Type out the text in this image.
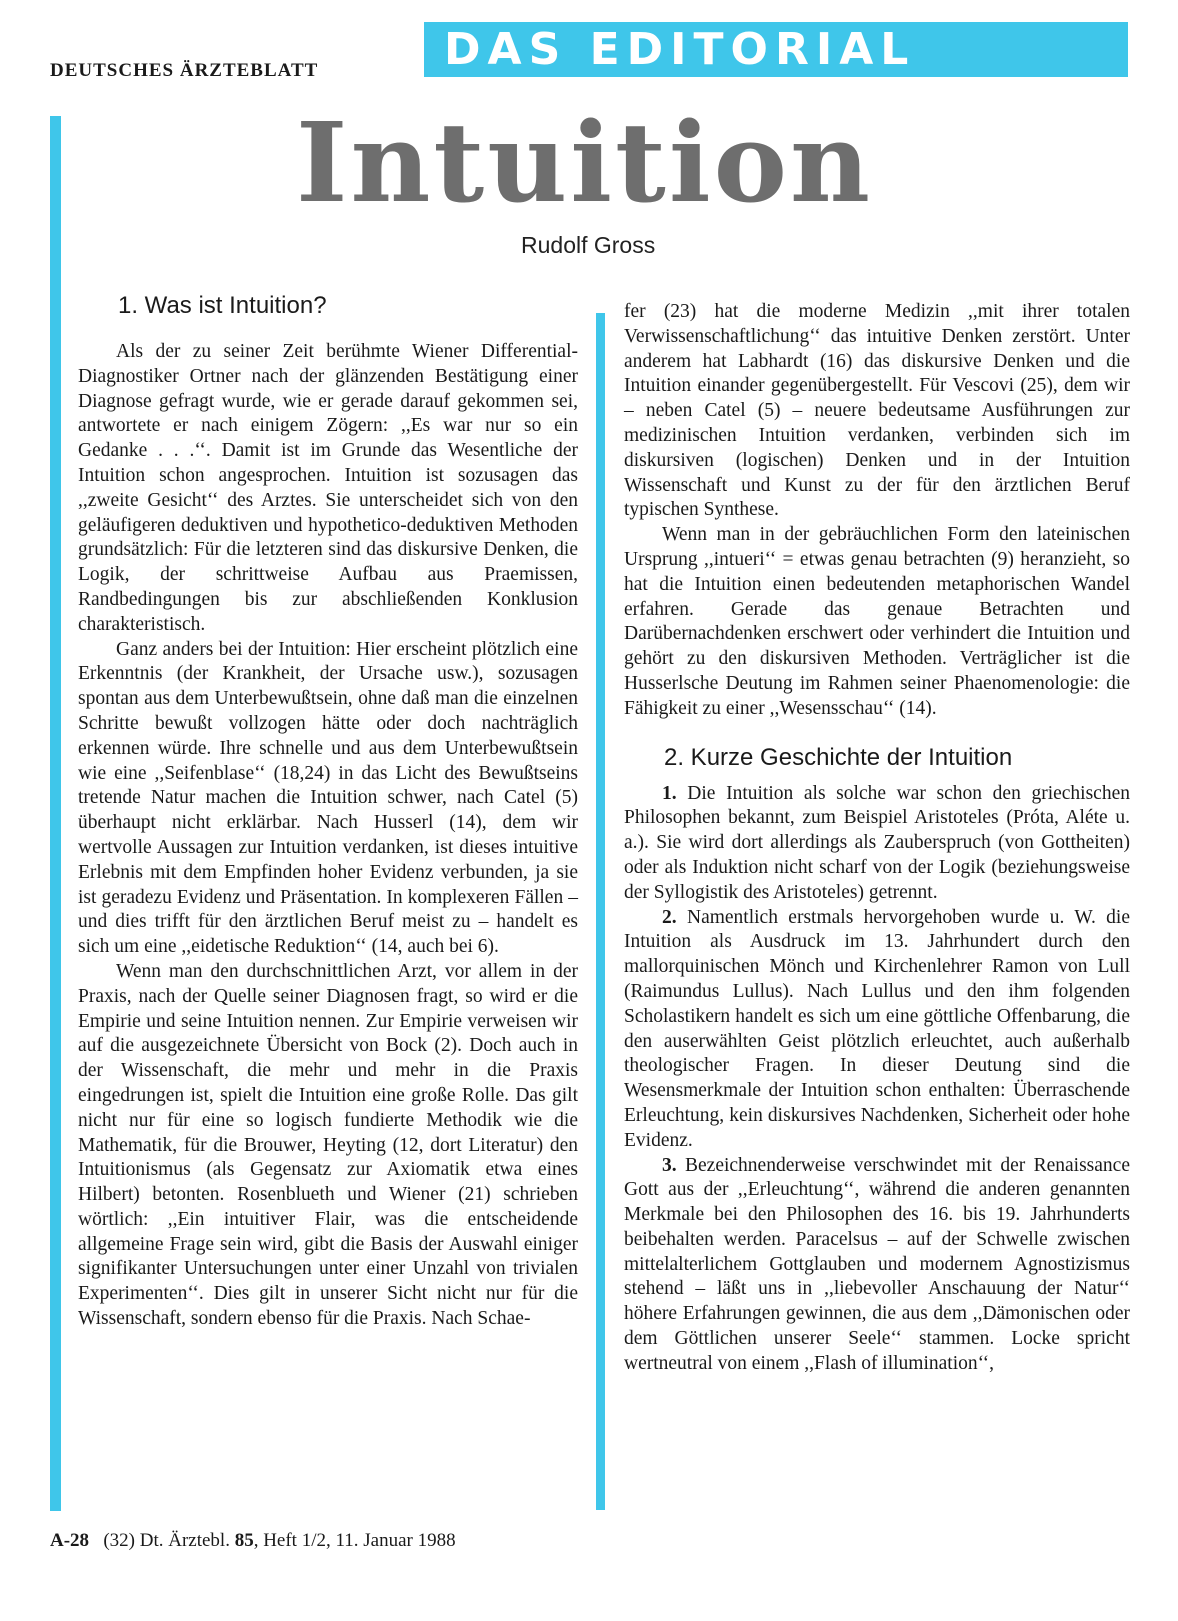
DEUTSCHES ÄRZTEBLATT	DAS EDITORIAL
Intuition
Rudolf Gross
1. Was ist Intuition?

Als der zu seiner Zeit berühmte Wiener Differential-Diagnostiker Ortner nach der glänzenden Bestätigung einer Diagnose gefragt wurde, wie er gerade darauf gekommen sei, antwortete er nach einigem Zögern: ,,Es war nur so ein Gedanke . . .‘‘. Damit ist im Grunde das Wesentliche der Intuition schon angesprochen. Intuition ist sozusagen das ,,zweite Gesicht‘‘ des Arztes. Sie unterscheidet sich von den geläufigeren deduktiven und hypothetico-deduktiven Methoden grundsätzlich: Für die letzteren sind das diskursive Denken, die Logik, der schrittweise Aufbau aus Praemissen, Randbedingungen bis zur abschließenden Konklusion charakteristisch.

Ganz anders bei der Intuition: Hier erscheint plötzlich eine Erkenntnis (der Krankheit, der Ursache usw.), sozusagen spontan aus dem Unterbewußtsein, ohne daß man die einzelnen Schritte bewußt vollzogen hätte oder doch nachträglich erkennen würde. Ihre schnelle und aus dem Unterbewußtsein wie eine ,,Seifenblase‘‘ (18,24) in das Licht des Bewußtseins tretende Natur machen die Intuition schwer, nach Catel (5) überhaupt nicht erklärbar. Nach Husserl (14), dem wir wertvolle Aussagen zur Intuition verdanken, ist dieses intuitive Erlebnis mit dem Empfinden hoher Evidenz verbunden, ja sie ist geradezu Evidenz und Präsentation. In komplexeren Fällen – und dies trifft für den ärztlichen Beruf meist zu – handelt es sich um eine ,,eidetische Reduktion‘‘ (14, auch bei 6).

Wenn man den durchschnittlichen Arzt, vor allem in der Praxis, nach der Quelle seiner Diagnosen fragt, so wird er die Empirie und seine Intuition nennen. Zur Empirie verweisen wir auf die ausgezeichnete Übersicht von Bock (2). Doch auch in der Wissenschaft, die mehr und mehr in die Praxis eingedrungen ist, spielt die Intuition eine große Rolle. Das gilt nicht nur für eine so logisch fundierte Methodik wie die Mathematik, für die Brouwer, Heyting (12, dort Literatur) den Intuitionismus (als Gegensatz zur Axiomatik etwa eines Hilbert) betonten. Rosenblueth und Wiener (21) schrieben wörtlich: ,,Ein intuitiver Flair, was die entscheidende allgemeine Frage sein wird, gibt die Basis der Auswahl einiger signifikanter Untersuchungen unter einer Unzahl von trivialen Experimenten‘‘. Dies gilt in unserer Sicht nicht nur für die Wissenschaft, sondern ebenso für die Praxis. Nach Schae-

fer (23) hat die moderne Medizin ,,mit ihrer totalen Verwissenschaftlichung‘‘ das intuitive Denken zerstört. Unter anderem hat Labhardt (16) das diskursive Denken und die Intuition einander gegenübergestellt. Für Vescovi (25), dem wir – neben Catel (5) – neuere bedeutsame Ausführungen zur medizinischen Intuition verdanken, verbinden sich im diskursiven (logischen) Denken und in der Intuition Wissenschaft und Kunst zu der für den ärztlichen Beruf typischen Synthese.

Wenn man in der gebräuchlichen Form den lateinischen Ursprung ,,intueri‘‘ = etwas genau betrachten (9) heranzieht, so hat die Intuition einen bedeutenden metaphorischen Wandel erfahren. Gerade das genaue Betrachten und Darübernachdenken erschwert oder verhindert die Intuition und gehört zu den diskursiven Methoden. Verträglicher ist die Husserlsche Deutung im Rahmen seiner Phaenomenologie: die Fähigkeit zu einer ,,Wesensschau‘‘ (14).

2. Kurze Geschichte der Intuition

1. Die Intuition als solche war schon den griechischen Philosophen bekannt, zum Beispiel Aristoteles (Próta, Aléte u. a.). Sie wird dort allerdings als Zauberspruch (von Gottheiten) oder als Induktion nicht scharf von der Logik (beziehungsweise der Syllogistik des Aristoteles) getrennt.

2. Namentlich erstmals hervorgehoben wurde u. W. die Intuition als Ausdruck im 13. Jahrhundert durch den mallorquinischen Mönch und Kirchenlehrer Ramon von Lull (Raimundus Lullus). Nach Lullus und den ihm folgenden Scholastikern handelt es sich um eine göttliche Offenbarung, die den auserwählten Geist plötzlich erleuchtet, auch außerhalb theologischer Fragen. In dieser Deutung sind die Wesensmerkmale der Intuition schon enthalten: Überraschende Erleuchtung, kein diskursives Nachdenken, Sicherheit oder hohe Evidenz.

3. Bezeichnenderweise verschwindet mit der Renaissance Gott aus der ,,Erleuchtung‘‘, während die anderen genannten Merkmale bei den Philosophen des 16. bis 19. Jahrhunderts beibehalten werden. Paracelsus – auf der Schwelle zwischen mittelalterlichem Gottglauben und modernem Agnostizismus stehend – läßt uns in ,,liebevoller Anschauung der Natur‘‘ höhere Erfahrungen gewinnen, die aus dem ,,Dämonischen oder dem Göttlichen unserer Seele‘‘ stammen. Locke spricht wertneutral von einem ,,Flash of illumination‘‘,

A-28 (32) Dt. Ärztebl. 85, Heft 1/2, 11. Januar 1988
